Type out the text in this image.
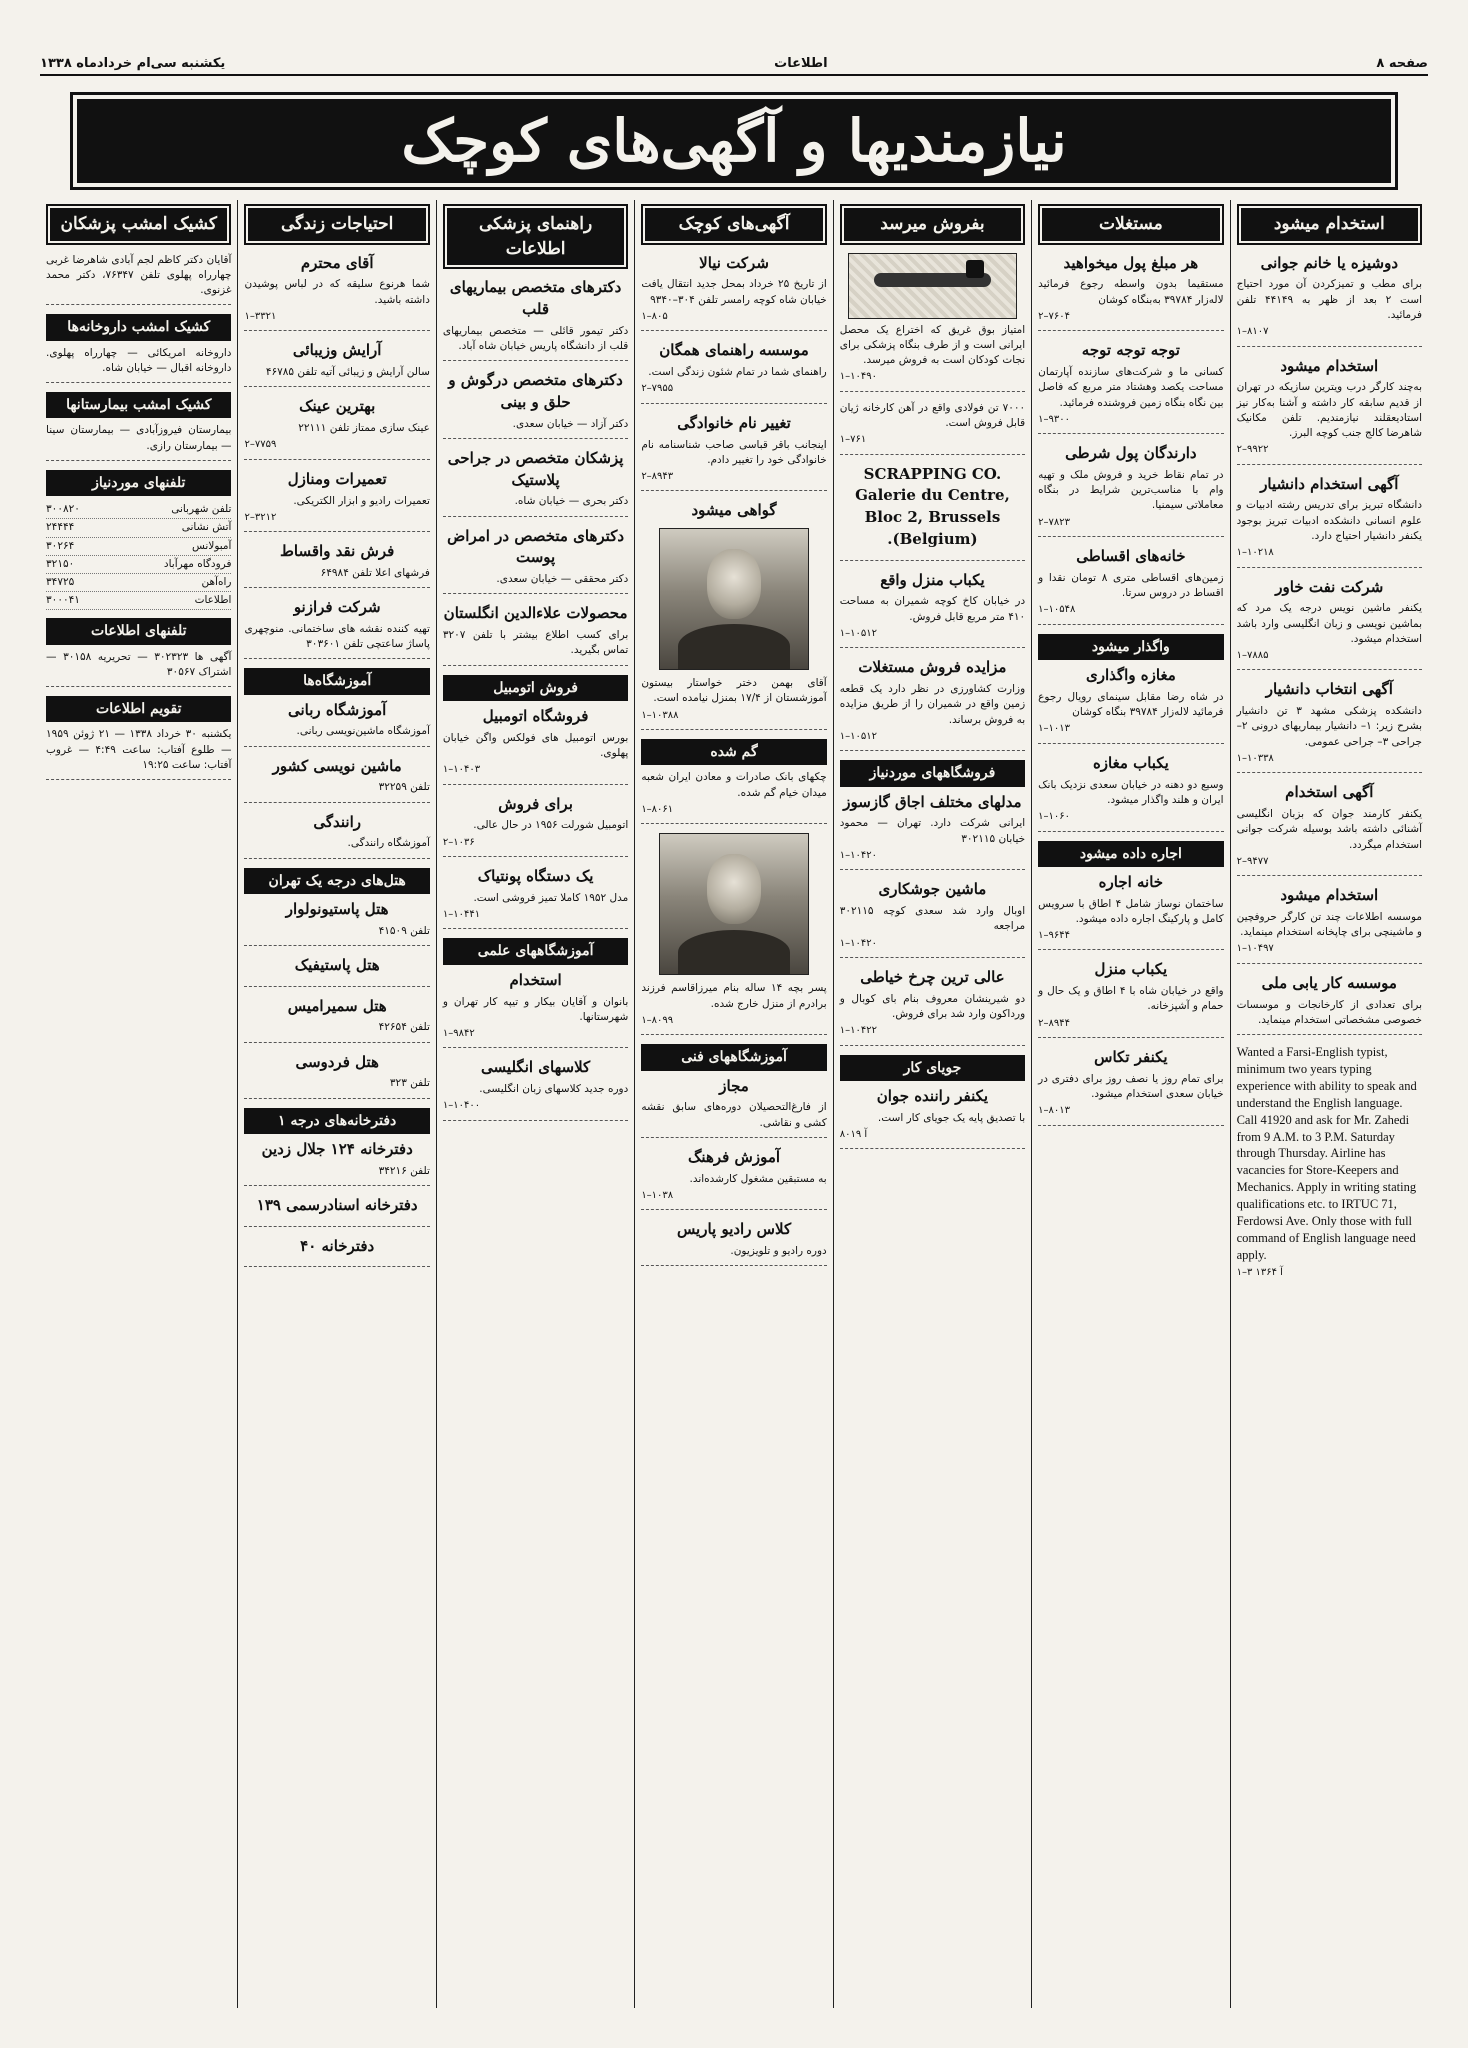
صفحه ۸
اطلاعات
یکشنبه سی‌ام خردادماه ۱۳۳۸
نیازمندیها و آگهی‌های کوچک
استخدام میشود
دوشیزه یا خانم جوانی
برای مطب و تمیزکردن آن مورد احتیاج است ۲ بعد از ظهر به ۴۴۱۴۹ تلفن فرمائید.
۱–۸۱۰۷
استخدام میشود
به‌چند کارگر درب ویترین سازیکه در تهران از قدیم سابقه کار داشته و آشنا به‌کار نیز استادیعقلند نیازمندیم. تلفن مکانیک شاهرضا کالج جنب کوچه البرز.
۲–۹۹۲۲
آگهی استخدام دانشیار
دانشگاه تبریز برای تدریس رشته ادبیات و علوم انسانی دانشکده ادبیات تبریز بوجود یکنفر دانشیار احتیاج دارد.
۱–۱۰۲۱۸
شرکت نفت خاور
یکنفر ماشین نویس درجه یک مرد که بماشین نویسی و زبان انگلیسی وارد باشد استخدام میشود.
۱–۷۸۸۵
آگهی انتخاب دانشیار
دانشکده پزشکی مشهد ۳ تن دانشیار بشرح زیر: ۱– دانشیار بیماریهای درونی ۲– جراحی ۳– جراحی عمومی.
۱–۱۰۳۳۸
آگهی استخدام
یکنفر کارمند جوان که بزبان انگلیسی آشنائی داشته باشد بوسیله شرکت جوانی استخدام میگردد.
۲–۹۴۷۷
استخدام میشود
موسسه اطلاعات چند تن کارگر حروفچین و ماشینچی برای چاپخانه استخدام مینماید.
۱–۱۰۴۹۷
موسسه کار یابی ملی
برای تعدادی از کارخانجات و موسسات خصوصی مشخصاتی استخدام مینماید.
Wanted a Farsi-English typist, minimum two years typing experience with ability to speak and understand the English language. Call 41920 and ask for Mr. Zahedi from 9 A.M. to 3 P.M. Saturday through Thursday. Airline has vacancies for Store-Keepers and Mechanics. Apply in writing stating qualifications etc. to IRTUC 71, Ferdowsi Ave. Only those with full command of English language need apply.
آ ۱۳۶۴ ۳–۱
مستغلات
هر مبلغ پول میخواهید
مستقیما بدون واسطه رجوع فرمائید لاله‌زار ۳۹۷۸۴ به‌بنگاه کوشان
۲–۷۶۰۴
توجه توجه توجه
کسانی ما و شرکت‌های سازنده آپارتمان مساحت یکصد وهشتاد متر مربع که فاصل بین نگاه بنگاه زمین فروشنده فرمائید.
۱–۹۳۰۰
دارندگان پول شرطی
در تمام نقاط خرید و فروش ملک و تهیه وام با مناسب‌ترین شرایط در بنگاه معاملاتی سیمنیا.
۲–۷۸۲۳
خانه‌های اقساطی
زمین‌های اقساطی متری ۸ تومان نقدا و اقساط در دروس سرتا.
۱–۱۰۵۴۸
واگذار میشود
مغازه واگذاری
در شاه رضا مقابل سینمای رویال رجوع فرمائید لاله‌زار ۳۹۷۸۴ بنگاه کوشان
۱–۱۰۱۳
یکباب مغازه
وسیع دو دهنه در خیابان سعدی نزدیک بانک ایران و هلند واگذار میشود.
۱–۱۰۶۰
اجاره داده میشود
خانه اجاره
ساختمان نوساز شامل ۴ اطاق با سرویس کامل و پارکینگ اجاره داده میشود.
۱–۹۶۴۴
یکباب منزل
واقع در خیابان شاه با ۴ اطاق و یک حال و حمام و آشپزخانه.
۲–۸۹۴۴
یکنفر تکاس
برای تمام روز یا نصف روز برای دفتری در خیابان سعدی استخدام میشود.
۱–۸۰۱۳
بفروش میرسد
امتیاز بوق غریق که اختراع یک محصل ایرانی است و از طرف بنگاه پزشکی برای نجات کودکان است به فروش میرسد.
۱–۱۰۴۹۰
۷۰۰۰ تن فولادی واقع در آهن کارخانه ژیان قابل فروش است.
۱–۷۶۱
SCRAPPING CO. Galerie du Centre, Bloc 2, Brussels (Belgium).
یکباب منزل واقع
در خیابان کاخ کوچه شمیران به مساحت ۴۱۰ متر مربع قابل فروش.
۱–۱۰۵۱۲
مزایده فروش مستغلات
وزارت کشاورزی در نظر دارد یک قطعه زمین واقع در شمیران را از طریق مزایده به فروش برساند.
۱–۱۰۵۱۲
فروشگاههای موردنیاز
مدلهای مختلف اجاق گازسوز
ایرانی شرکت دارد. تهران — محمود خیابان ۳۰۲۱۱۵
۱–۱۰۴۲۰
ماشین جوشکاری
اوبال وارد شد سعدی کوچه ۳۰۲۱۱۵ مراجعه
۱–۱۰۴۲۰
عالی ترین چرخ خیاطی
دو شیرینشان معروف بنام بای کوبال و ورداکون وارد شد برای فروش.
۱–۱۰۴۲۲
جویای کار
یکنفر راننده جوان
با تصدیق پایه یک جویای کار است.
آ ۸۰۱۹
آگهی‌های کوچک
شرکت نیالا
از تاریخ ۲۵ خرداد بمحل جدید انتقال یافت خیابان شاه کوچه رامسر تلفن ۳۰۴–۹۳۴۰
۱–۸۰۵
موسسه راهنمای همگان
راهنمای شما در تمام شئون زندگی است.
۲–۷۹۵۵
تغییر نام خانوادگی
اینجانب باقر قباسی صاحب شناسنامه نام خانوادگی خود را تغییر دادم.
۲–۸۹۴۳
گواهی میشود
آقای بهمن دختر خواستار بیستون آموزشستان از ۱۷/۴ بمنزل نیامده است.
۱–۱۰۳۸۸
گم شده
چکهای بانک صادرات و معادن ایران شعبه میدان خیام گم شده.
۱–۸۰۶۱
پسر بچه ۱۴ ساله بنام میرزاقاسم فرزند برادرم از منزل خارج شده.
۱–۸۰۹۹
آموزشگاههای فنی
مجاز
از فارغ‌التحصیلان دوره‌های سابق نقشه کشی و نقاشی.
آموزش فرهنگ
به مستبقین مشغول کارشده‌اند.
۱–۱۰۳۸
کلاس رادیو پاریس
دوره رادیو و تلویزیون.
راهنمای پزشکی اطلاعات
دکترهای متخصص بیماریهای قلب
دکتر تیمور قائلی — متخصص بیماریهای قلب از دانشگاه پاریس خیابان شاه آباد.
دکترهای متخصص درگوش و حلق و بینی
دکتر آزاد — خیابان سعدی.
پزشکان متخصص در جراحی پلاستیک
دکتر بحری — خیابان شاه.
دکترهای متخصص در امراض پوست
دکتر محققی — خیابان سعدی.
محصولات علاء‌الدین انگلستان
برای کسب اطلاع بیشتر با تلفن ۳۲۰۷ تماس بگیرید.
فروش اتومبیل
فروشگاه اتومبیل
بورس اتومبیل های فولکس واگن خیابان پهلوی.
۱–۱۰۴۰۳
برای فروش
اتومبیل شورلت ۱۹۵۶ در حال عالی.
۲–۱۰۳۶
یک دستگاه پونتیاک
مدل ۱۹۵۲ کاملا تمیز فروشی است.
۱–۱۰۴۴۱
آموزشگاههای علمی
استخدام
بانوان و آقایان بیکار و تیپه کار تهران و شهرستانها.
۱–۹۸۴۲
کلاسهای انگلیسی
دوره جدید کلاسهای زبان انگلیسی.
۱–۱۰۴۰۰
احتیاجات زندگی
آقای محترم
شما هرنوع سلیقه که در لباس پوشیدن داشته باشید.
۱–۳۳۲۱
آرایش وزیبائی
سالن آرایش و زیبائی آتیه تلفن ۴۶۷۸۵
بهترین عینک
عینک سازی ممتاز تلفن ۲۲۱۱۱
۲–۷۷۵۹
تعمیرات ومنازل
تعمیرات رادیو و ابزار الکتریکی.
۲–۳۲۱۲
فرش نقد واقساط
فرشهای اعلا تلفن ۶۴۹۸۴
شرکت فرازنو
تهیه کننده نقشه های ساختمانی. منوچهری پاساژ ساعتچی تلفن ۳۰۳۶۰۱
آموزشگاه‌ها
آموزشگاه ربانی
آموزشگاه ماشین‌نویسی ربانی.
ماشین نویسی کشور
تلفن ۳۲۲۵۹
رانندگی
آموزشگاه رانندگی.
هتل‌های درجه یک تهران
هتل پاستیونولوار
تلفن ۴۱۵۰۹
هتل پاستیفیک
هتل سمیرامیس
تلفن ۴۲۶۵۴
هتل فردوسی
تلفن ۳۲۳
دفترخانه‌های درجه ۱
دفترخانه ۱۲۴ جلال زدین
تلفن ۳۴۲۱۶
دفترخانه اسنادرسمی ۱۳۹
دفترخانه ۴۰
کشیک امشب پزشکان
آقایان دکتر کاظم لجم آبادی شاهرضا غربی چهارراه پهلوی تلفن ۷۶۳۴۷، دکتر محمد غزنوی.
کشیک امشب داروخانه‌ها
داروخانه امریکائی — چهارراه پهلوی. داروخانه اقبال — خیابان شاه.
کشیک امشب بیمارستانها
بیمارستان فیروزآبادی — بیمارستان سینا — بیمارستان رازی.
تلفنهای موردنیاز
تلفن شهربانی
۳۰۰۸۲۰
آتش نشانی
۲۴۴۴۴
آمبولانس
۳۰۲۶۴
فرودگاه مهرآباد
۳۲۱۵۰
راه‌آهن
۳۴۷۲۵
اطلاعات
۳۰۰۰۴۱
تلفنهای اطلاعات
آگهی ها ۳۰۲۳۲۳ — تحریریه ۳۰۱۵۸ — اشتراک ۳۰۵۶۷
تقویم اطلاعات
یکشنبه ۳۰ خرداد ۱۳۳۸ — ۲۱ ژوئن ۱۹۵۹ — طلوع آفتاب: ساعت ۴:۴۹ — غروب آفتاب: ساعت ۱۹:۲۵
